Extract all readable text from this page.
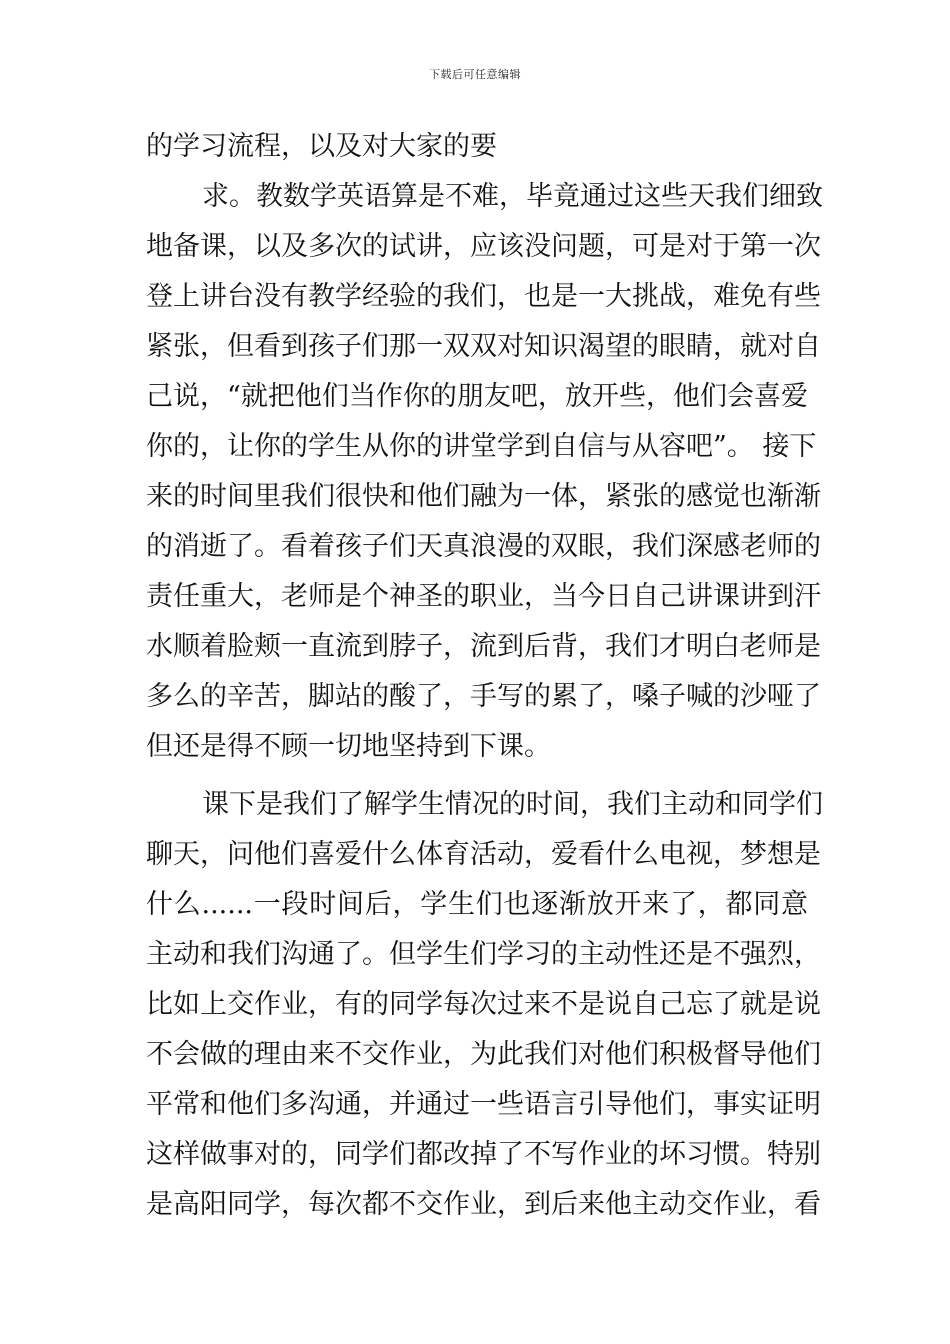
下载后可任意编辑
的学习流程，以及对大家的要
求。教数学英语算是不难，毕竟通过这些天我们细致
地备课，以及多次的试讲，应该没问题，可是对于第一次
登上讲台没有教学经验的我们，也是一大挑战，难免有些
紧张，但看到孩子们那一双双对知识渴望的眼睛，就对自
己说，“就把他们当作你的朋友吧，放开些，他们会喜爱
你的，让你的学生从你的讲堂学到自信与从容吧”。 接下
来的时间里我们很快和他们融为一体，紧张的感觉也渐渐
的消逝了。看着孩子们天真浪漫的双眼，我们深感老师的
责任重大，老师是个神圣的职业，当今日自己讲课讲到汗
水顺着脸颊一直流到脖子，流到后背，我们才明白老师是
多么的辛苦，脚站的酸了，手写的累了，嗓子喊的沙哑了
但还是得不顾一切地坚持到下课。
课下是我们了解学生情况的时间，我们主动和同学们
聊天，问他们喜爱什么体育活动，爱看什么电视，梦想是
什么......一段时间后，学生们也逐渐放开来了，都同意
主动和我们沟通了。但学生们学习的主动性还是不强烈，
比如上交作业，有的同学每次过来不是说自己忘了就是说
不会做的理由来不交作业，为此我们对他们积极督导他们
平常和他们多沟通，并通过一些语言引导他们，事实证明
这样做事对的，同学们都改掉了不写作业的坏习惯。特别
是高阳同学，每次都不交作业，到后来他主动交作业，看
